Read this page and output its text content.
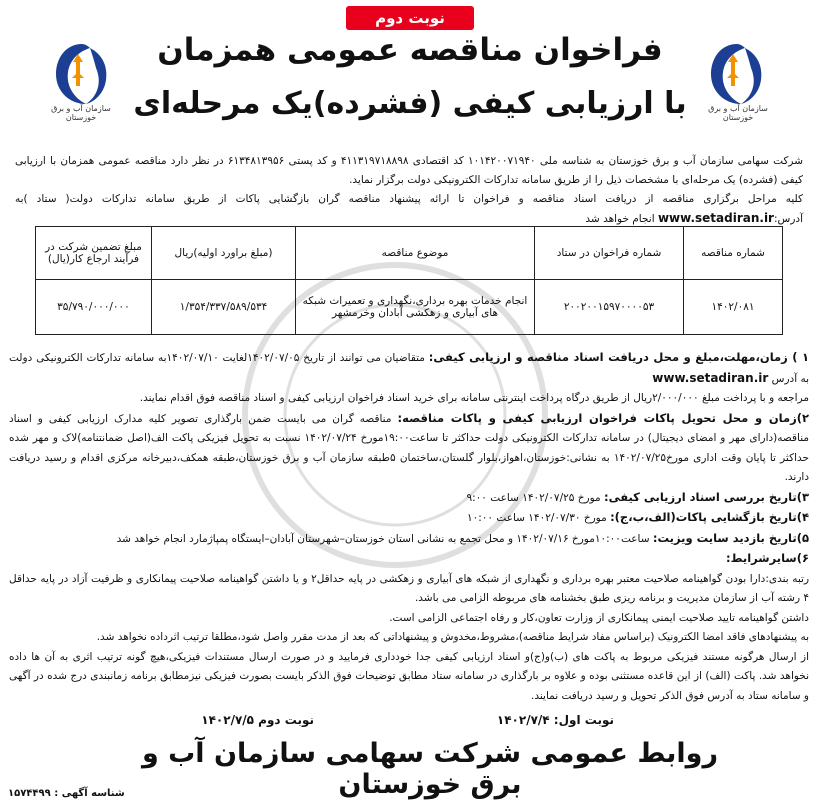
نوبت دوم
سازمان آب و برق خوزستان
سازمان آب و برق خوزستان
فراخوان مناقصه عمومی همزمان
با ارزیابی کیفی (فشرده)یک مرحله‌ای

شرکت سهامی سازمان آب و برق خوزستان به شناسه ملی ۱۰۱۴۲۰۰۷۱۹۴۰ کد اقتصادی ۴۱۱۳۱۹۷۱۸۸۹۸ و کد پستی ۶۱۳۴۸۱۳۹۵۶ در نظر دارد مناقصه عمومی همزمان با ارزیابی کیفی (فشرده) یک مرحله‌ای با مشخصات ذیل را از طریق سامانه تدارکات الکترونیکی دولت برگزار نماید.

کلیه مراحل برگزاری مناقصه از دریافت اسناد مناقصه و فراخوان تا ارائه پیشنهاد مناقصه گران بازگشایی پاکات از طریق سامانه تدارکات دولت( ستاد )به آدرس:www.setadiran.ir انجام خواهد شد

شماره مناقصه	شماره فراخوان در ستاد	موضوع مناقصه	(مبلغ براورد اولیه)ریال	مبلغ تضمین شرکت در فرآیند ارجاع کار(یال)
۱۴۰۲/۰۸۱	۲۰۰۲۰۰۱۵۹۷۰۰۰۰۵۳	انجام خدمات بهره برداری،نگهداری و تعمیرات شبکه های آبیاری و زهکشی آبادان وخرمشهر	۱/۳۵۴/۳۳۷/۵۸۹/۵۳۴	۳۵/۷۹۰/۰۰۰/۰۰۰

۱ ) زمان،مهلت،مبلغ و محل دریافت اسناد مناقصه و ارزیابی کیفی: متقاضیان می توانند از تاریخ ۱۴۰۲/۰۷/۰۵لغایت ۱۴۰۲/۰۷/۱۰به سامانه تدارکات الکترونیکی دولت به آدرس www.setadiran.ir

مراجعه و با پرداخت مبلغ ۲/۰۰۰/۰۰۰ریال از طریق درگاه پرداخت اینترنتی سامانه برای خرید اسناد فراخوان ارزیابی کیفی و اسناد مناقصه فوق اقدام نمایند.

۲)زمان و محل تحویل پاکات فراخوان ارزیابی کیفی و پاکات مناقصه: مناقصه گران می بایست ضمن بارگذاری تصویر کلیه مدارک ارزیابی کیفی و اسناد مناقصه(دارای مهر و امضای دیجیتال) در سامانه تدارکات الکترونیکی دولت حداکثر تا ساعت۱۹:۰۰مورخ ۱۴۰۲/۰۷/۲۴ نسبت به تحویل فیزیکی پاکت الف(اصل ضمانتنامه)لاک و مهر شده حداکثر تا پایان وقت اداری مورخ۱۴۰۲/۰۷/۲۵ به نشانی:خوزستان،اهواز،بلوار گلستان،ساختمان ۵طبقه سازمان آب و برق خوزستان،طبقه همکف،دبیرخانه مرکزی اقدام و رسید دریافت دارند.

۳)تاریخ بررسی اسناد ارزیابی کیفی: مورخ ۱۴۰۲/۰۷/۲۵ ساعت ۹:۰۰

۴)تاریخ بازگشایی پاکات(الف،ب،ج): مورخ ۱۴۰۲/۰۷/۳۰ ساعت ۱۰:۰۰

۵)تاریخ بازدید سایت ویزیت: ساعت۱۰:۰۰مورخ ۱۴۰۲/۰۷/۱۶ و محل تجمع به نشانی استان خوزستان–شهرستان آبادان–ایستگاه پمپاژمارد انجام خواهد شد

۶)سایرشرایط:

رتبه بندی:دارا بودن گواهینامه صلاحیت معتبر بهره برداری و نگهداری از شبکه های آبیاری و زهکشی در پایه حداقل۲ و یا داشتن گواهینامه صلاحیت پیمانکاری و ظرفیت آزاد در پایه حداقل ۴ رشته آب از سازمان مدیریت و برنامه ریزی طبق بخشنامه های مربوطه الزامی می باشد.

داشتن گواهینامه تایید صلاحیت ایمنی پیمانکاری از وزارت تعاون،کار و رفاه اجتماعی الزامی است.

به پیشنهادهای فاقد امضا الکترونیک (براساس مفاد شرایط مناقصه)،مشروط،مخدوش و پیشنهاداتی که بعد از مدت مقرر واصل شود،مطلقا ترتیب اثرداده نخواهد شد.

از ارسال هرگونه مستند فیزیکی مربوط به پاکت های (ب)و(ج)و اسناد ارزیابی کیفی جدا خودداری فرمایید و در صورت ارسال مستندات فیزیکی،هیچ گونه ترتیب اثری به آن ها داده نخواهد شد. پاکت (الف) از این قاعده مستثنی بوده و علاوه بر بارگذاری در سامانه ستاد مطابق توضیحات فوق الذکر بایست بصورت فیزیکی نیزمطابق برنامه زمانبندی درج شده در آگهی و سامانه ستاد به آدرس فوق الذکر تحویل و رسید دریافت نمایند.

نوبت اول: ۱۴۰۲/۷/۴
نوبت دوم ۱۴۰۲/۷/۵
روابط عمومی شرکت سهامی سازمان آب و برق خوزستان
شناسه آگهی : ۱۵۷۴۴۹۹
